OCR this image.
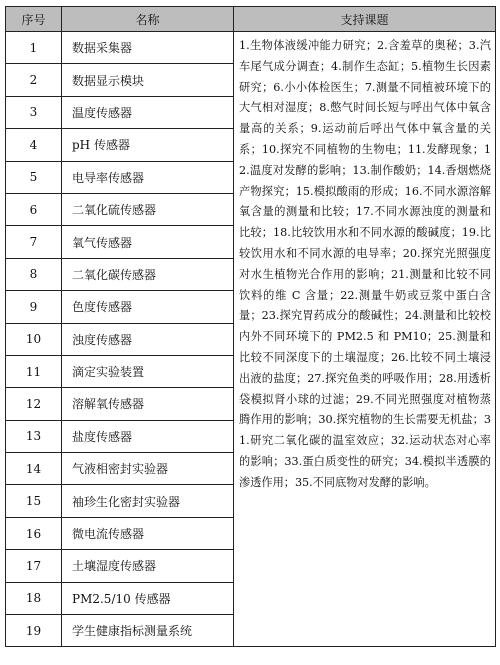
序号	名称	支持课题
1	数据采集器	1.生物体液缓冲能力研究；2.含羞草的奥秘；3.汽车尾气成分调查；4.制作生态缸；5.植物生长因素研究；6.小小体检医生；7.测量不同植被环境下的大气相对湿度；8.憋气时间长短与呼出气体中氧含量高的关系；9.运动前后呼出气体中氧含量的关系；10.探究不同植物的生物电；11.发酵现象；12.温度对发酵的影响；13.制作酸奶；14.香烟燃烧产物探究；15.模拟酸雨的形成；16.不同水源溶解氧含量的测量和比较；17.不同水源浊度的测量和比较；18.比较饮用水和不同水源的酸碱度；19.比较饮用水和不同水源的电导率；20.探究光照强度对水生植物光合作用的影响；21.测量和比较不同饮料的维 C 含量；22.测量牛奶或豆浆中蛋白含量；23.探究胃药成分的酸碱性；24.测量和比较校内外不同环境下的 PM2.5 和 PM10；25.测量和比较不同深度下的土壤湿度；26.比较不同土壤浸出液的盐度；27.探究鱼类的呼吸作用；28.用透析袋模拟肾小球的过滤；29.不同光照强度对植物蒸腾作用的影响；30.探究植物的生长需要无机盐；31.研究二氧化碳的温室效应；32.运动状态对心率的影响；33.蛋白质变性的研究；34.模拟半透膜的渗透作用；35.不同底物对发酵的影响。
2	数据显示模块	
3	温度传感器	
4	pH 传感器	
5	电导率传感器	
6	二氧化硫传感器	
7	氧气传感器	
8	二氧化碳传感器	
9	色度传感器	
10	浊度传感器	
11	滴定实验装置	
12	溶解氧传感器	
13	盐度传感器	
14	气液相密封实验器	
15	袖珍生化密封实验器	
16	微电流传感器	
17	土壤湿度传感器	
18	PM2.5/10 传感器	
19	学生健康指标测量系统	
